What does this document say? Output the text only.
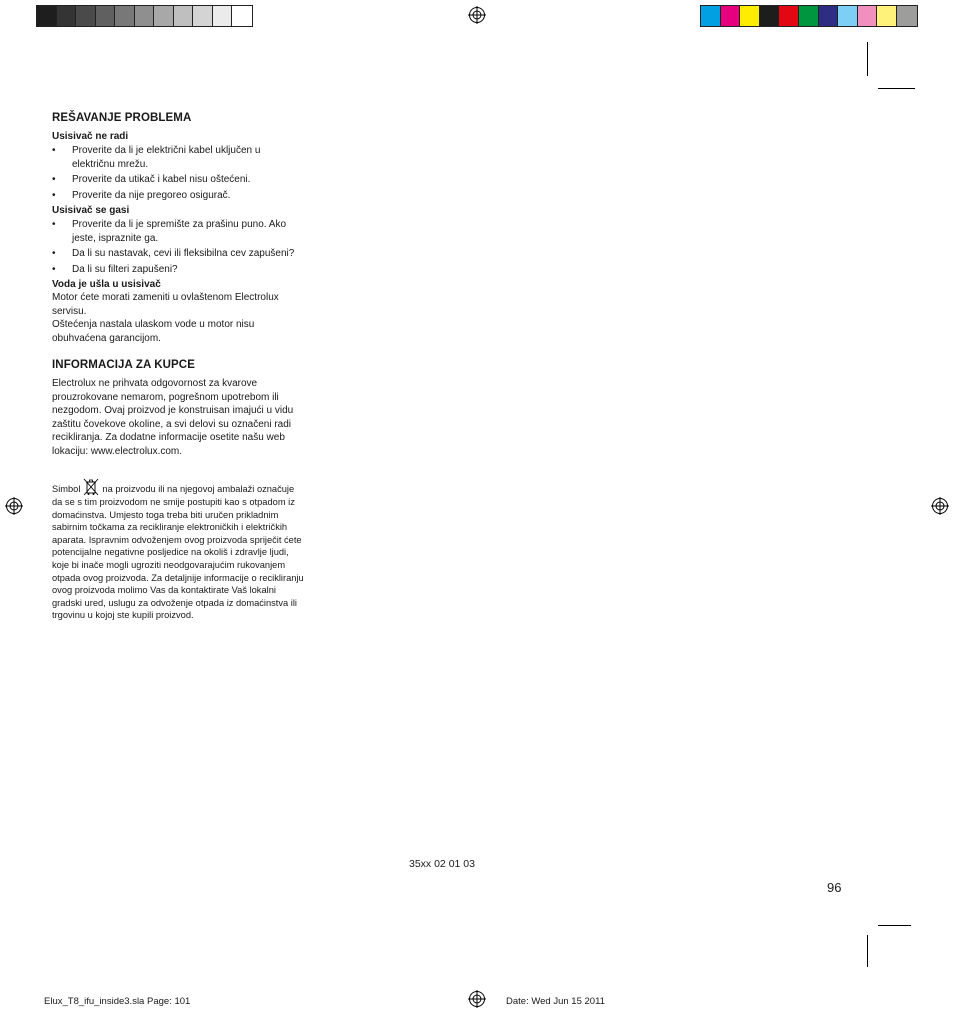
REŠAVANJE PROBLEMA

Usisivač ne radi

• Proverite da li je električni kabel uključen u električnu mrežu.
• Proverite da utikač i kabel nisu oštećeni.
• Proverite da nije pregoreo osigurač.

Usisivač se gasi

• Proverite da li je spremište za prašinu puno. Ako jeste, ispraznite ga.
• Da li su nastavak, cevi ili fleksibilna cev zapušeni?
• Da li su filteri zapušeni?

Voda je ušla u usisivač

Motor ćete morati zameniti u ovlaštenom Electrolux servisu.

Oštećenja nastala ulaskom vode u motor nisu obuhvaćena garancijom.

INFORMACIJA ZA KUPCE

Electrolux ne prihvata odgovornost za kvarove prouzrokovane nemarom, pogrešnom upotrebom ili nezgodom. Ovaj proizvod je konstruisan imajući u vidu zaštitu čovekove okoline, a svi delovi su označeni radi recikliranja. Za dodatne informacije osetite našu web lokaciju: www.electrolux.com.

Simbol na proizvodu ili na njegovoj ambalaži označuje da se s tim proizvodom ne smije postupiti kao s otpadom iz domaćinstva. Umjesto toga treba biti uručen prikladnim sabirnim točkama za recikliranje elektroničkih i električkih aparata. Ispravnim odvoženjem ovog proizvoda spriječit ćete potencijalne negativne posljedice na okoliš i zdravlje ljudi, koje bi inače mogli ugroziti neodgovarajućim rukovanjem otpada ovog proizvoda. Za detaljnije informacije o recikliranju ovog proizvoda molimo Vas da kontaktirate Vaš lokalni gradski ured, uslugu za odvoženje otpada iz domaćinstva ili trgovinu u kojoj ste kupili proizvod.

35xx 02 01 03
96
Elux_T8_ifu_inside3.sla Page: 101	Date: Wed Jun 15 2011
